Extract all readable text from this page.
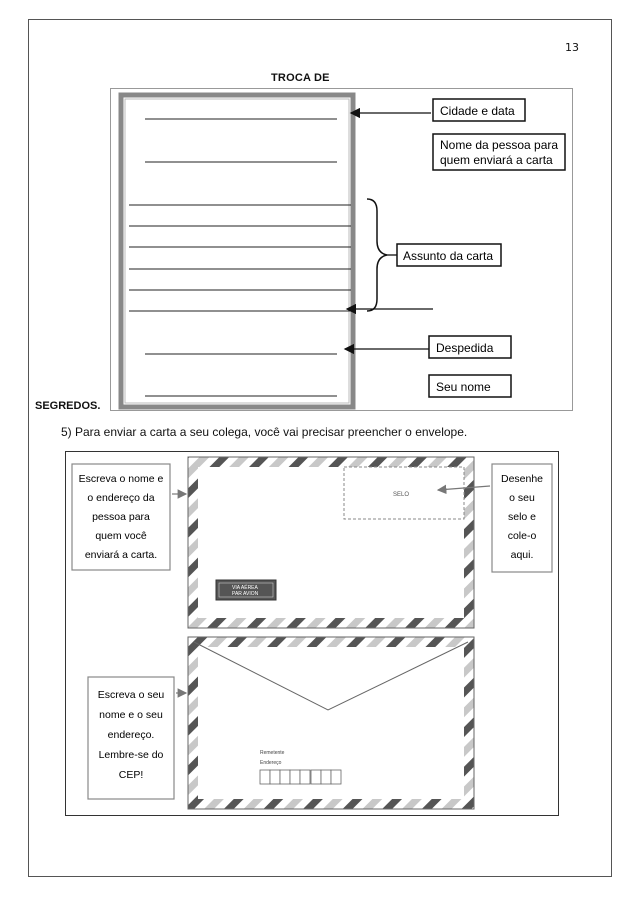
13
TROCA DE
SEGREDOS.
5) Para enviar a carta a seu colega, você vai precisar preencher o envelope.
Cidade e data
Nome da pessoa para
quem enviará a carta
Assunto da carta
Despedida
Seu nome
SELO
VIA AÉREA
PAR AVION
Remetente
Endereço
Escreva o nome e
o endereço da
pessoa para
quem você
enviará a carta.
Desenhe
o seu
selo e
cole-o
aqui.
Escreva o seu
nome e o seu
endereço.
Lembre-se do
CEP!
